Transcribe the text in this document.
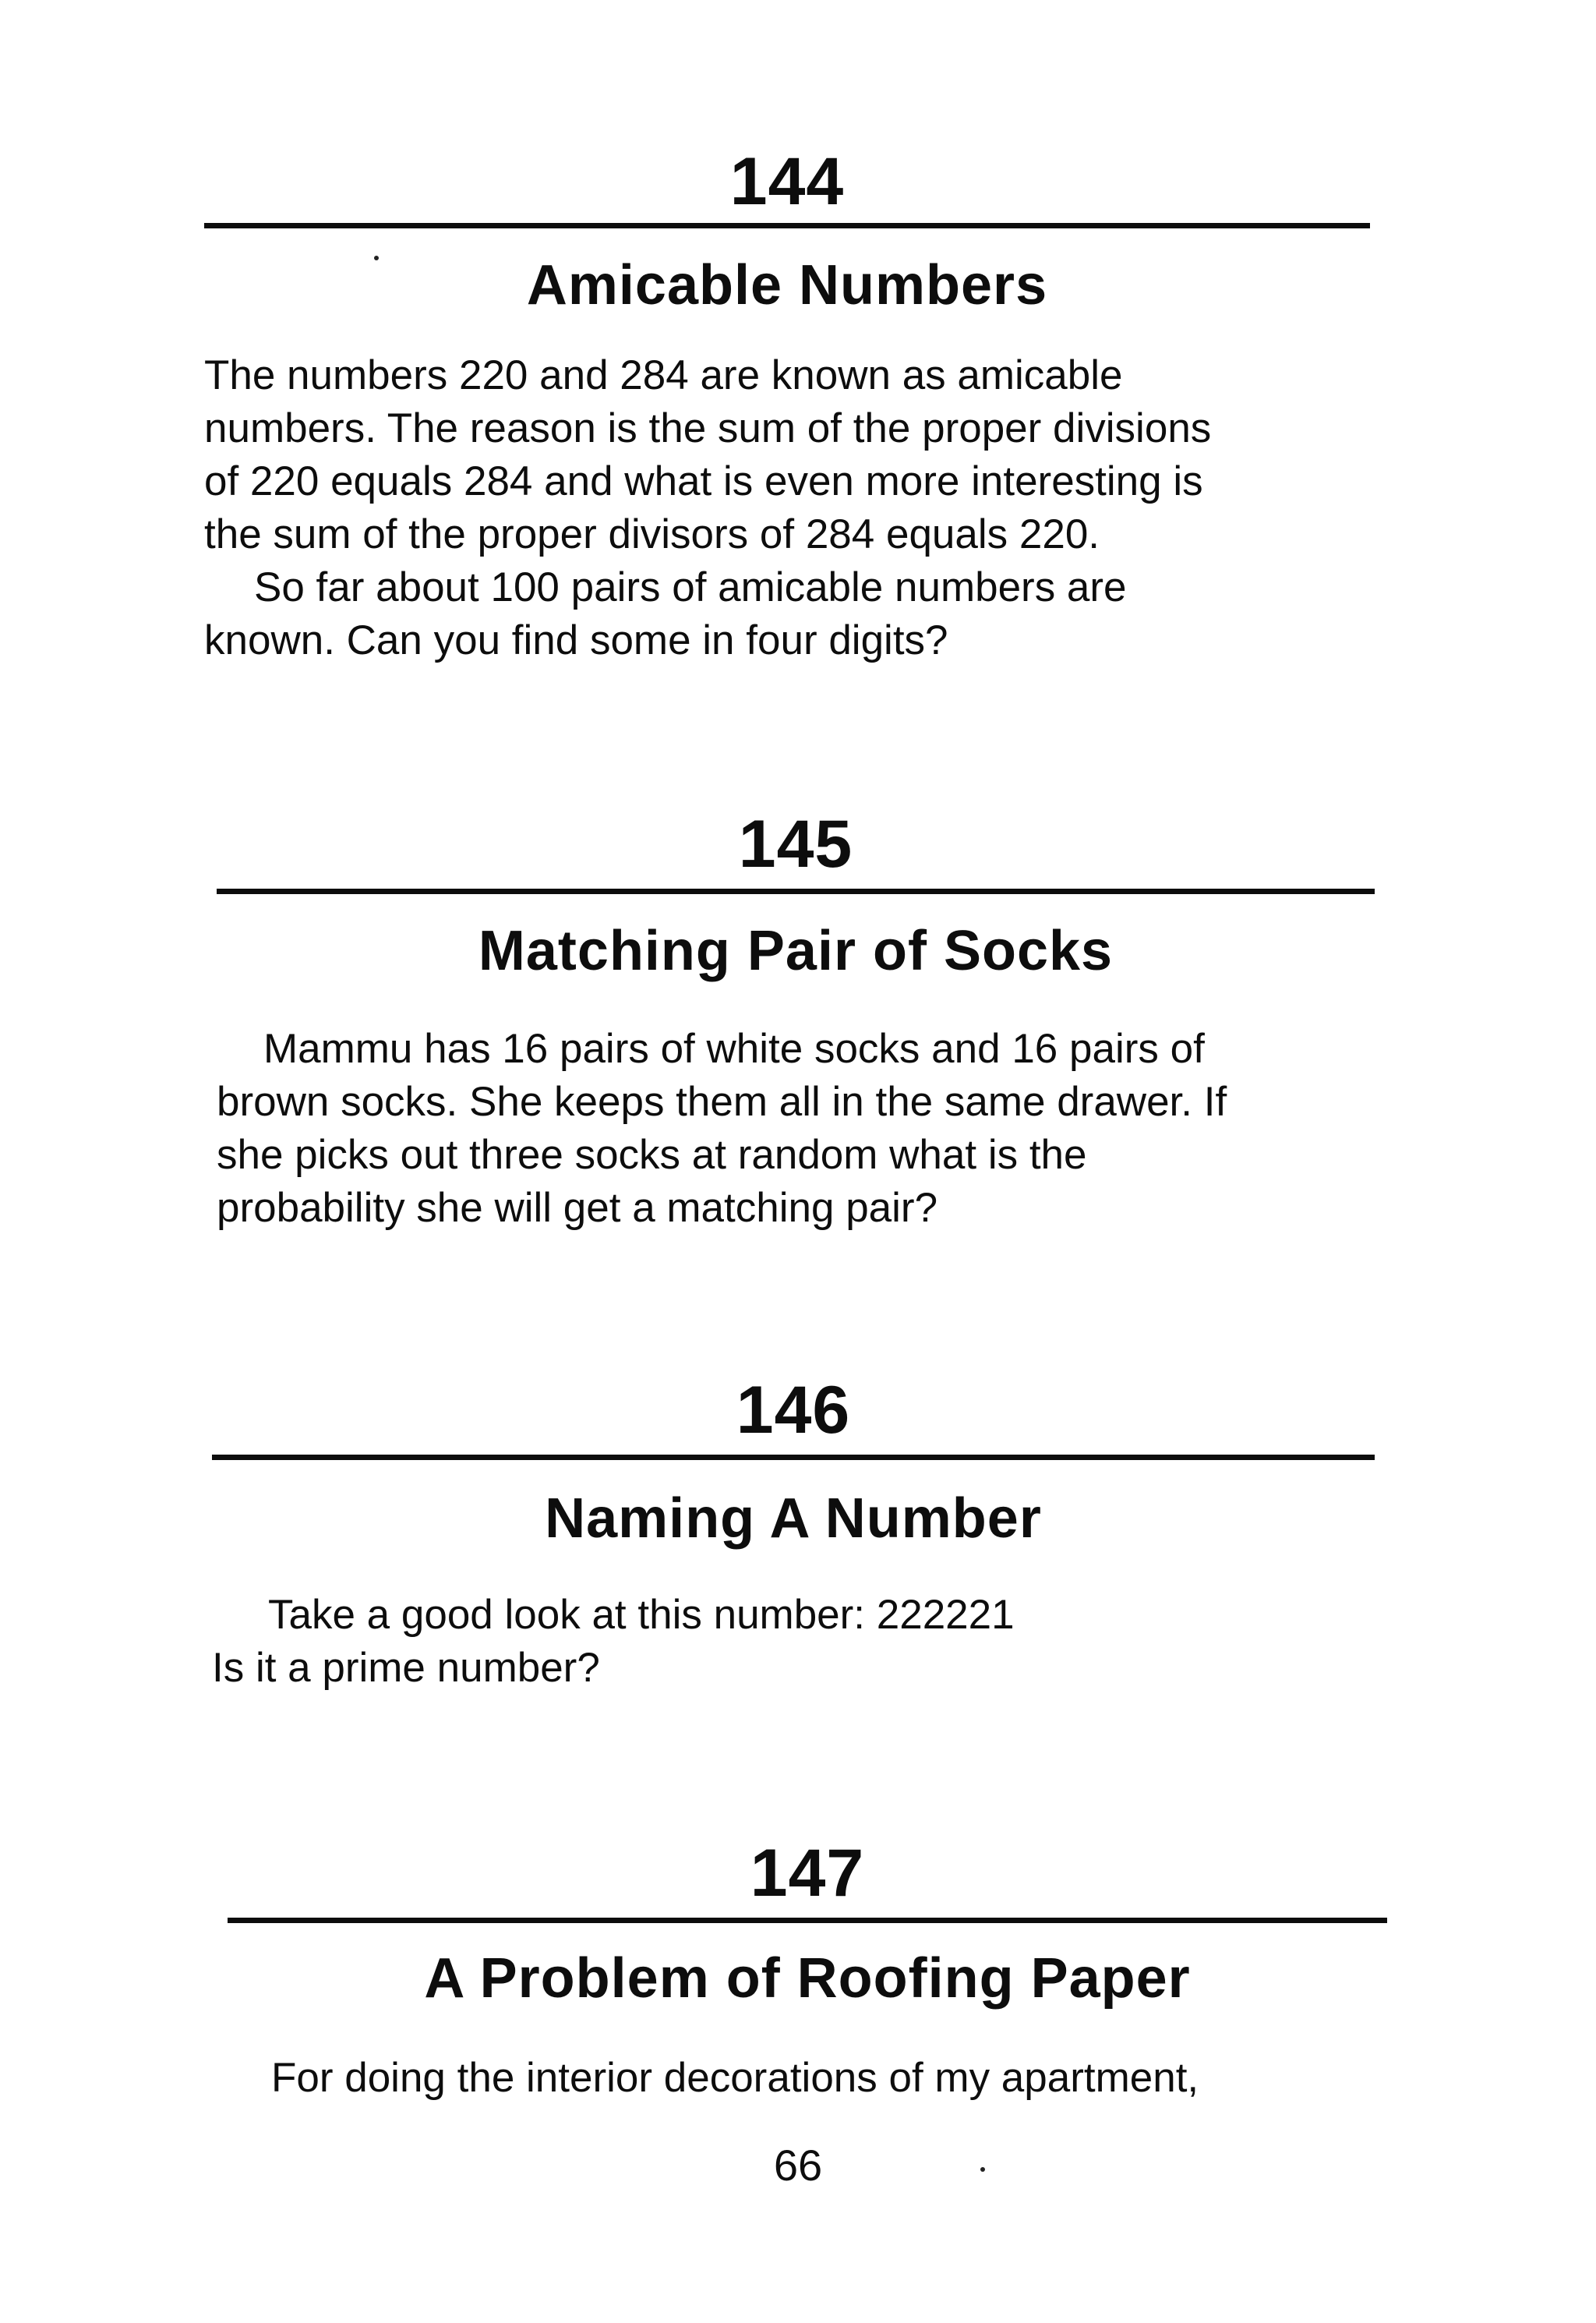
144
Amicable Numbers

The numbers 220 and 284 are known as amicable
numbers. The reason is the sum of the proper divisions
of 220 equals 284 and what is even more interesting is
the sum of the proper divisors of 284 equals 220.

So far about 100 pairs of amicable numbers are
known. Can you find some in four digits?

145
Matching Pair of Socks

Mammu has 16 pairs of white socks and 16 pairs of
brown socks. She keeps them all in the same drawer. If
she picks out three socks at random what is the
probability she will get a matching pair?

146
Naming A Number

Take a good look at this number: 222221
Is it a prime number?

147
A Problem of Roofing Paper

For doing the interior decorations of my apartment,

66
